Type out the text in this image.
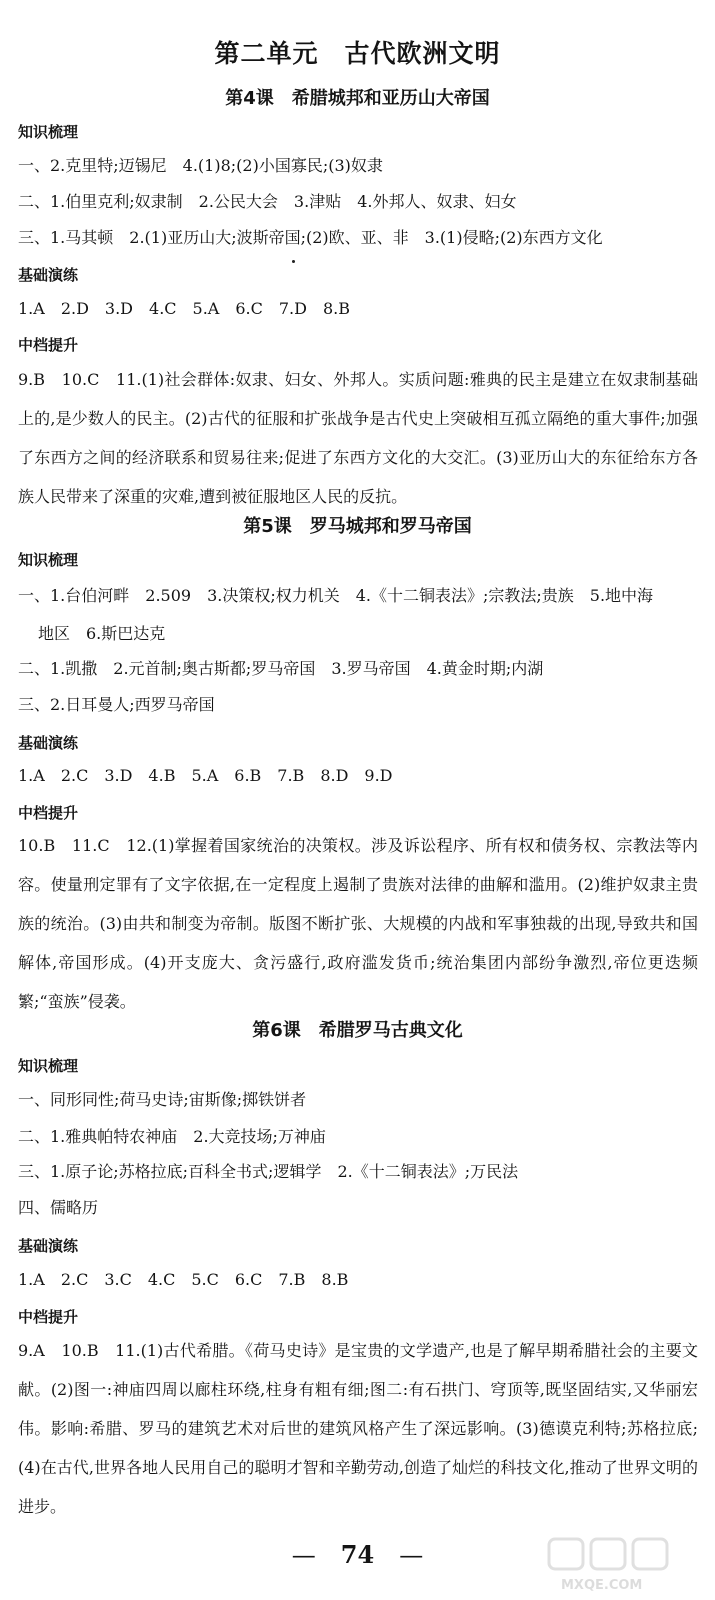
第二单元　古代欧洲文明
第4课　希腊城邦和亚历山大帝国
知识梳理
一、2.克里特;迈锡尼　4.(1)8;(2)小国寡民;(3)奴隶
二、1.伯里克利;奴隶制　2.公民大会　3.津贴　4.外邦人、奴隶、妇女
三、1.马其顿　2.(1)亚历山大;波斯帝国;(2)欧、亚、非　3.(1)侵略;(2)东西方文化
基础演练
1.A　2.D　3.D　4.C　5.A　6.C　7.D　8.B
中档提升
9.B　10.C　11.(1)社会群体:奴隶、妇女、外邦人。实质问题:雅典的民主是建立在奴隶制基础上的,是少数人的民主。(2)古代的征服和扩张战争是古代史上突破相互孤立隔绝的重大事件;加强了东西方之间的经济联系和贸易往来;促进了东西方文化的大交汇。(3)亚历山大的东征给东方各族人民带来了深重的灾难,遭到被征服地区人民的反抗。
第5课　罗马城邦和罗马帝国
知识梳理
一、1.台伯河畔　2.509　3.决策权;权力机关　4.《十二铜表法》;宗教法;贵族　5.地中海
地区　6.斯巴达克
二、1.凯撒　2.元首制;奥古斯都;罗马帝国　3.罗马帝国　4.黄金时期;内湖
三、2.日耳曼人;西罗马帝国
基础演练
1.A　2.C　3.D　4.B　5.A　6.B　7.B　8.D　9.D
中档提升
10.B　11.C　12.(1)掌握着国家统治的决策权。涉及诉讼程序、所有权和债务权、宗教法等内容。使量刑定罪有了文字依据,在一定程度上遏制了贵族对法律的曲解和滥用。(2)维护奴隶主贵族的统治。(3)由共和制变为帝制。版图不断扩张、大规模的内战和军事独裁的出现,导致共和国解体,帝国形成。(4)开支庞大、贪污盛行,政府滥发货币;统治集团内部纷争激烈,帝位更迭频繁;“蛮族”侵袭。
第6课　希腊罗马古典文化
知识梳理
一、同形同性;荷马史诗;宙斯像;掷铁饼者
二、1.雅典帕特农神庙　2.大竞技场;万神庙
三、1.原子论;苏格拉底;百科全书式;逻辑学　2.《十二铜表法》;万民法
四、儒略历
基础演练
1.A　2.C　3.C　4.C　5.C　6.C　7.B　8.B
中档提升
9.A　10.B　11.(1)古代希腊。《荷马史诗》是宝贵的文学遗产,也是了解早期希腊社会的主要文献。(2)图一:神庙四周以廊柱环绕,柱身有粗有细;图二:有石拱门、穹顶等,既坚固结实,又华丽宏伟。影响:希腊、罗马的建筑艺术对后世的建筑风格产生了深远影响。(3)德谟克利特;苏格拉底;(4)在古代,世界各地人民用自己的聪明才智和辛勤劳动,创造了灿烂的科技文化,推动了世界文明的进步。
— 74 —
MXQE.COM
